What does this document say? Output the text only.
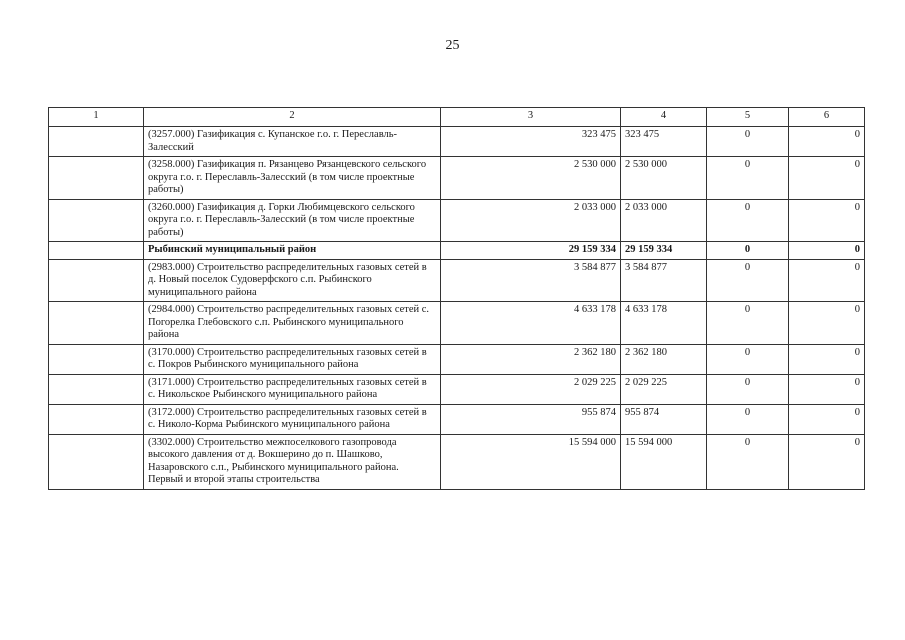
25
1	2	3	4	5	6
	(3257.000) Газификация с. Купанское г.о. г. Переславль-Залесский	323 475	323 475	0	0
	(3258.000) Газификация п. Рязанцево Рязанцевского сельского округа г.о. г. Переславль-Залесский (в том числе проектные работы)	2 530 000	2 530 000	0	0
	(3260.000) Газификация д. Горки Любимцевского сельского округа г.о. г. Переславль-Залесский (в том числе проектные работы)	2 033 000	2 033 000	0	0
	Рыбинский муниципальный район	29 159 334	29 159 334	0	0
	(2983.000) Строительство распределительных газовых сетей в д. Новый поселок Судоверфского с.п. Рыбинского муниципального района	3 584 877	3 584 877	0	0
	(2984.000) Строительство распределительных газовых сетей с. Погорелка Глебовского с.п. Рыбинского муниципального района	4 633 178	4 633 178	0	0
	(3170.000) Строительство распределительных газовых сетей в с. Покров Рыбинского муниципального района	2 362 180	2 362 180	0	0
	(3171.000) Строительство распределительных газовых сетей в с. Никольское Рыбинского муниципального района	2 029 225	2 029 225	0	0
	(3172.000) Строительство распределительных газовых сетей в с. Николо-Корма Рыбинского муниципального района	955 874	955 874	0	0
	(3302.000) Строительство межпоселкового газопровода высокого давления от д. Вокшерино до п. Шашково, Назаровского с.п., Рыбинского муниципального района. Первый и второй этапы строительства	15 594 000	15 594 000	0	0
